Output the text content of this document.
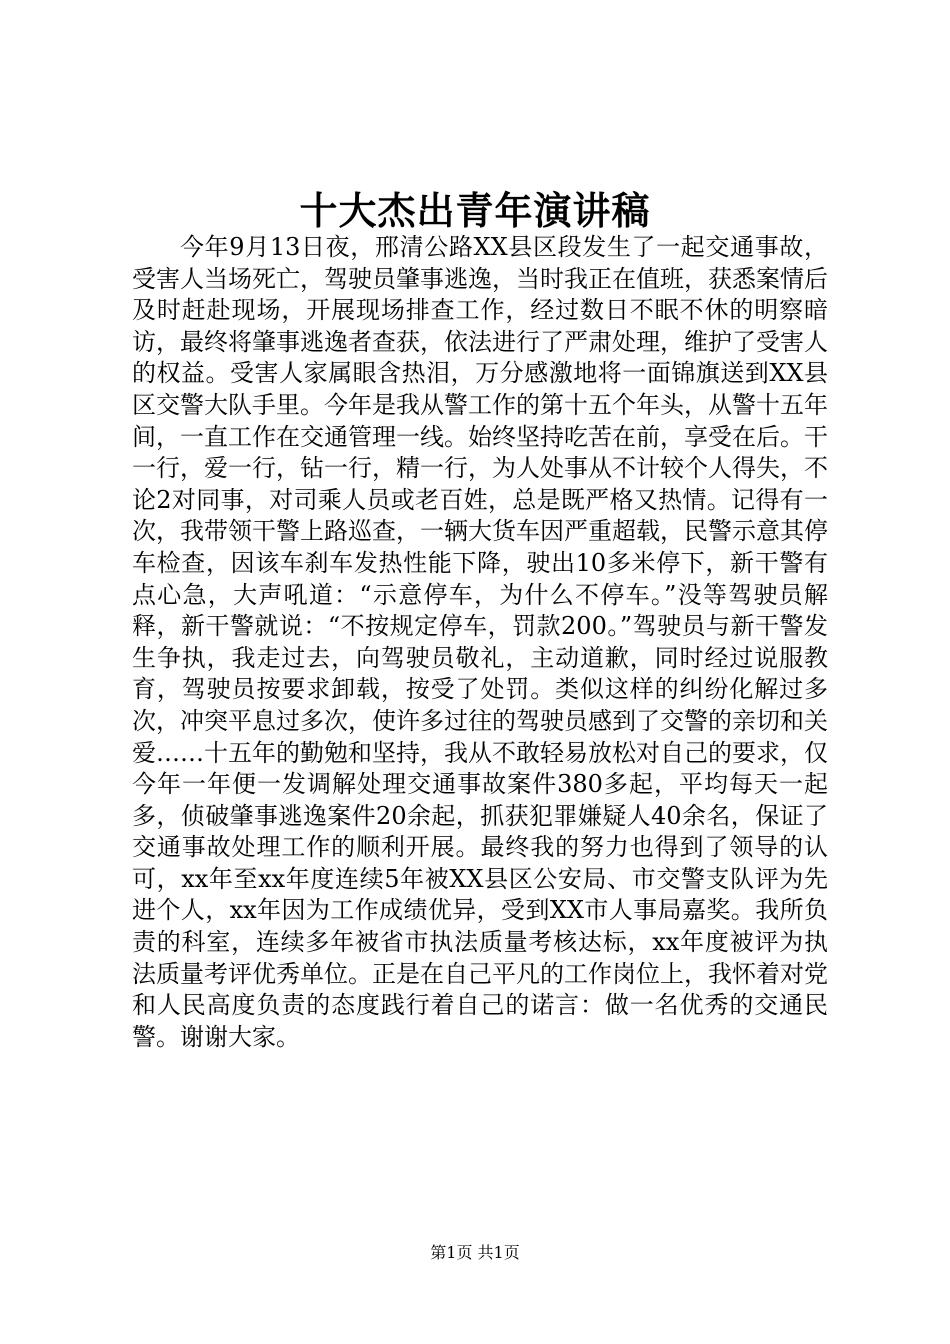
十大杰出青年演讲稿

今年9月13日夜，邢清公路XX县区段发生了一起交通事故，受害人当场死亡，驾驶员肇事逃逸，当时我正在值班，获悉案情后及时赶赴现场，开展现场排查工作，经过数日不眠不休的明察暗访，最终将肇事逃逸者查获，依法进行了严肃处理，维护了受害人的权益。受害人家属眼含热泪，万分感激地将一面锦旗送到XX县区交警大队手里。今年是我从警工作的第十五个年头，从警十五年间，一直工作在交通管理一线。始终坚持吃苦在前，享受在后。干一行，爱一行，钻一行，精一行，为人处事从不计较个人得失，不论2对同事，对司乘人员或老百姓，总是既严格又热情。记得有一次，我带领干警上路巡查，一辆大货车因严重超载，民警示意其停车检查，因该车刹车发热性能下降，驶出10多米停下，新干警有点心急，大声吼道：“示意停车，为什么不停车。”没等驾驶员解释，新干警就说：“不按规定停车，罚款200。”驾驶员与新干警发生争执，我走过去，向驾驶员敬礼，主动道歉，同时经过说服教育，驾驶员按要求卸载，按受了处罚。类似这样的纠纷化解过多次，冲突平息过多次，使许多过往的驾驶员感到了交警的亲切和关爱……十五年的勤勉和坚持，我从不敢轻易放松对自己的要求，仅今年一年便一发调解处理交通事故案件380多起，平均每天一起多，侦破肇事逃逸案件20余起，抓获犯罪嫌疑人40余名，保证了交通事故处理工作的顺利开展。最终我的努力也得到了领导的认可，xx年至xx年度连续5年被XX县区公安局、市交警支队评为先进个人，xx年因为工作成绩优异，受到XX市人事局嘉奖。我所负责的科室，连续多年被省市执法质量考核达标，xx年度被评为执法质量考评优秀单位。正是在自己平凡的工作岗位上，我怀着对党和人民高度负责的态度践行着自己的诺言：做一名优秀的交通民警。谢谢大家。

第1页 共1页
